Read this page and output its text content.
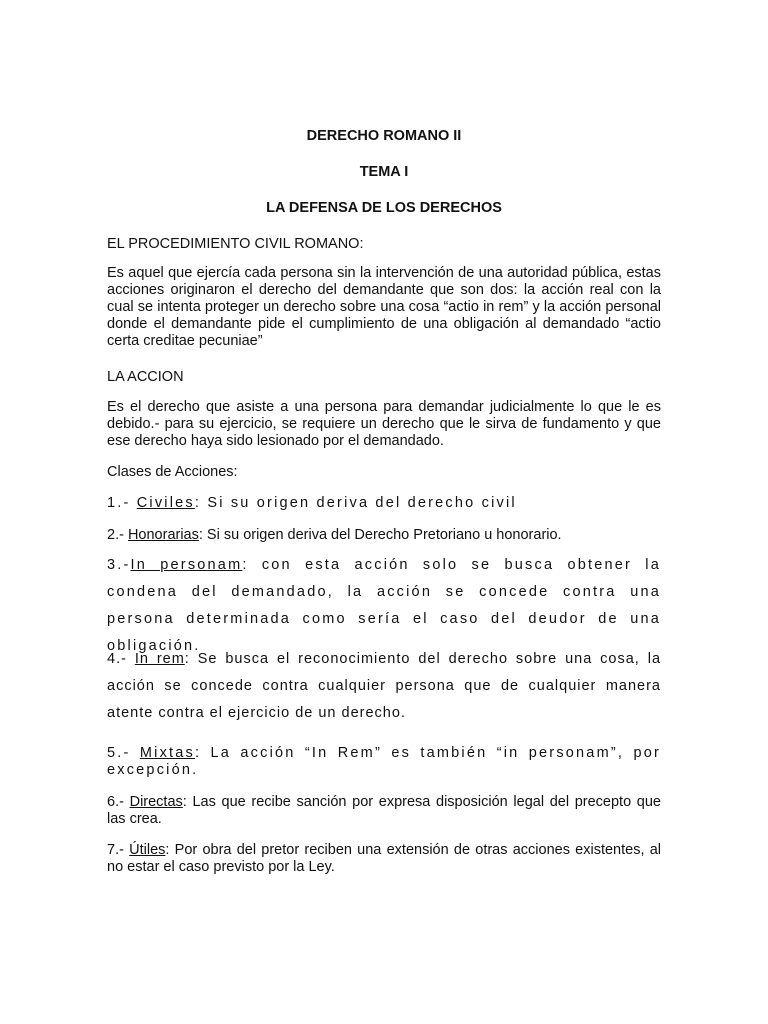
DERECHO ROMANO II
TEMA I
LA DEFENSA DE LOS DERECHOS
EL PROCEDIMIENTO CIVIL ROMANO:
Es aquel que ejercía cada persona sin la intervención de una autoridad pública, estas acciones originaron el derecho del demandante que son dos: la acción real con la cual se intenta proteger un derecho sobre una cosa “actio in rem” y la acción personal donde el demandante pide el cumplimiento de una obligación al demandado “actio certa creditae pecuniae”
LA ACCION
Es el derecho que asiste a una persona para demandar judicialmente lo que le es debido.- para su ejercicio, se requiere un derecho que le sirva de fundamento y que ese derecho haya sido lesionado por el demandado.
Clases de Acciones:
1.- Civiles: Si su origen deriva del derecho civil
2.- Honorarias: Si su origen deriva del Derecho Pretoriano u honorario.
3.-In personam: con esta acción solo se busca obtener la condena del demandado, la acción se concede contra una persona determinada como sería el caso del deudor de una obligación.
4.- In rem: Se busca el reconocimiento del derecho sobre una cosa, la acción se concede contra cualquier persona que de cualquier manera atente contra el ejercicio de un derecho.
5.- Mixtas: La acción “In Rem” es también “in personam”, por excepción.
6.- Directas: Las que recibe sanción por expresa disposición legal del precepto que las crea.
7.- Útiles: Por obra del pretor reciben una extensión de otras acciones existentes, al no estar el caso previsto por la Ley.
